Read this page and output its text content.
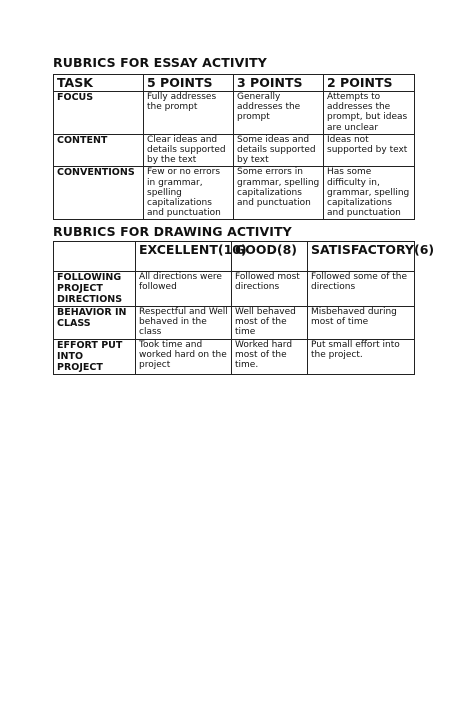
RUBRICS FOR ESSAY ACTIVITY
TASK	5 POINTS	3 POINTS	2 POINTS
FOCUS	Fully addresses the prompt	Generally addresses the prompt	Attempts to addresses the prompt, but ideas are unclear
CONTENT	Clear ideas and details supported by the text	Some ideas and details supported by text	Ideas not supported by text
CONVENTIONS	Few or no errors in grammar, spelling capitalizations and punctuation	Some errors in grammar, spelling capitalizations and punctuation	Has some difficulty in, grammar, spelling capitalizations and punctuation
RUBRICS FOR DRAWING ACTIVITY
	EXCELLENT(10)	GOOD(8)	SATISFACTORY(6)
FOLLOWING PROJECT DIRECTIONS	All directions were followed	Followed most directions	Followed some of the directions
BEHAVIOR IN CLASS	Respectful and Well behaved in the class	Well behaved most of the time	Misbehaved during most of time
EFFORT PUT INTO PROJECT	Took time and worked hard on the project	Worked hard most of the time.	Put small effort into the project.
